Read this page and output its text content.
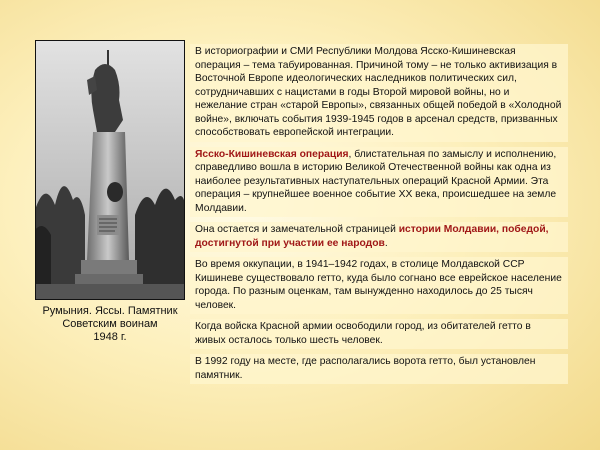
Румыния. Яссы. Памятник
Советским воинам
1948 г.

В историографии и СМИ Республики Молдова Ясско-Кишиневская операция – тема табуированная. Причиной тому – не только активизация в Восточной Европе идеологических наследников политических сил, сотрудничавших с нацистами в годы Второй мировой войны, но и нежелание стран «старой Европы», связанных общей победой в «Холодной войне», включать события 1939-1945 годов в арсенал средств, призванных способствовать европейской интеграции.

Ясско-Кишиневская операция, блистательная по замыслу и исполнению, справедливо вошла в историю Великой Отечественной войны как одна из наиболее результативных наступательных операций Красной Армии. Эта операция – крупнейшее военное событие XX века, происшедшее на земле Молдавии.

Она остается и замечательной страницей истории Молдавии, победой, достигнутой при участии ее народов.

Во время оккупации, в 1941–1942 годах, в столице Молдавской ССР Кишиневе существовало гетто, куда было согнано все еврейское население города. По разным оценкам, там вынужденно находилось до 25 тысяч человек.

Когда войска Красной армии освободили город, из обитателей гетто в живых осталось только шесть человек.

В 1992 году на месте, где располагались ворота гетто, был установлен памятник.
